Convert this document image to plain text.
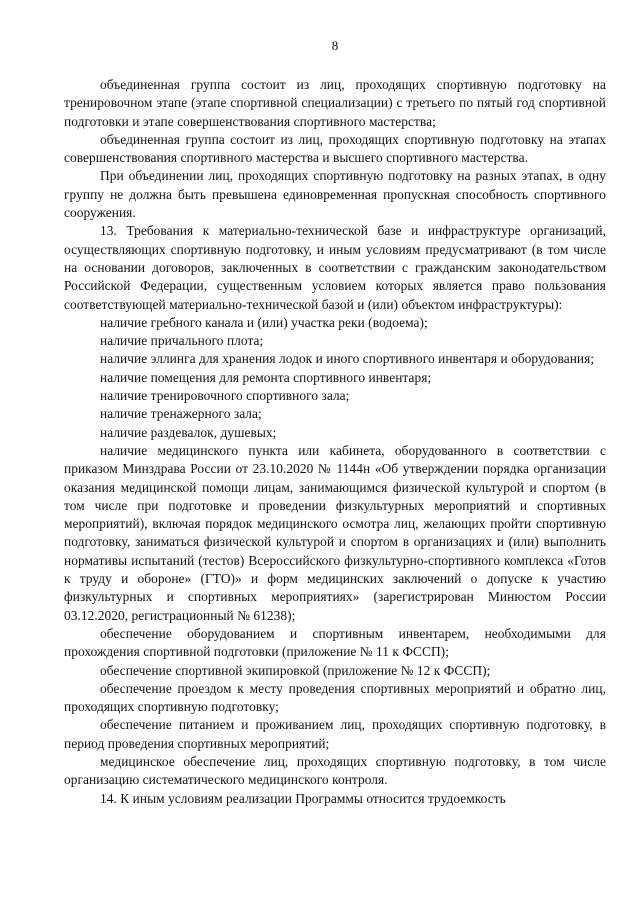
8

объединенная группа состоит из лиц, проходящих спортивную подготовку на тренировочном этапе (этапе спортивной специализации) с третьего по пятый год спортивной подготовки и этапе совершенствования спортивного мастерства;

объединенная группа состоит из лиц, проходящих спортивную подготовку на этапах совершенствования спортивного мастерства и высшего спортивного мастерства.

При объединении лиц, проходящих спортивную подготовку на разных этапах, в одну группу не должна быть превышена единовременная пропускная способность спортивного сооружения.

13. Требования к материально-технической базе и инфраструктуре организаций, осуществляющих спортивную подготовку, и иным условиям предусматривают (в том числе на основании договоров, заключенных в соответствии с гражданским законодательством Российской Федерации, существенным условием которых является право пользования соответствующей материально-технической базой и (или) объектом инфраструктуры):

наличие гребного канала и (или) участка реки (водоема);

наличие причального плота;

наличие эллинга для хранения лодок и иного спортивного инвентаря и оборудования;

наличие помещения для ремонта спортивного инвентаря;

наличие тренировочного спортивного зала;

наличие тренажерного зала;

наличие раздевалок, душевых;

наличие медицинского пункта или кабинета, оборудованного в соответствии с приказом Минздрава России от 23.10.2020 № 1144н «Об утверждении порядка организации оказания медицинской помощи лицам, занимающимся физической культурой и спортом (в том числе при подготовке и проведении физкультурных мероприятий и спортивных мероприятий), включая порядок медицинского осмотра лиц, желающих пройти спортивную подготовку, заниматься физической культурой и спортом в организациях и (или) выполнить нормативы испытаний (тестов) Всероссийского физкультурно-спортивного комплекса «Готов к труду и обороне» (ГТО)» и форм медицинских заключений о допуске к участию физкультурных и спортивных мероприятиях» (зарегистрирован Минюстом России 03.12.2020, регистрационный № 61238);

обеспечение оборудованием и спортивным инвентарем, необходимыми для прохождения спортивной подготовки (приложение № 11 к ФССП);

обеспечение спортивной экипировкой (приложение № 12 к ФССП);

обеспечение проездом к месту проведения спортивных мероприятий и обратно лиц, проходящих спортивную подготовку;

обеспечение питанием и проживанием лиц, проходящих спортивную подготовку, в период проведения спортивных мероприятий;

медицинское обеспечение лиц, проходящих спортивную подготовку, в том числе организацию систематического медицинского контроля.

14. К иным условиям реализации Программы относится трудоемкость
